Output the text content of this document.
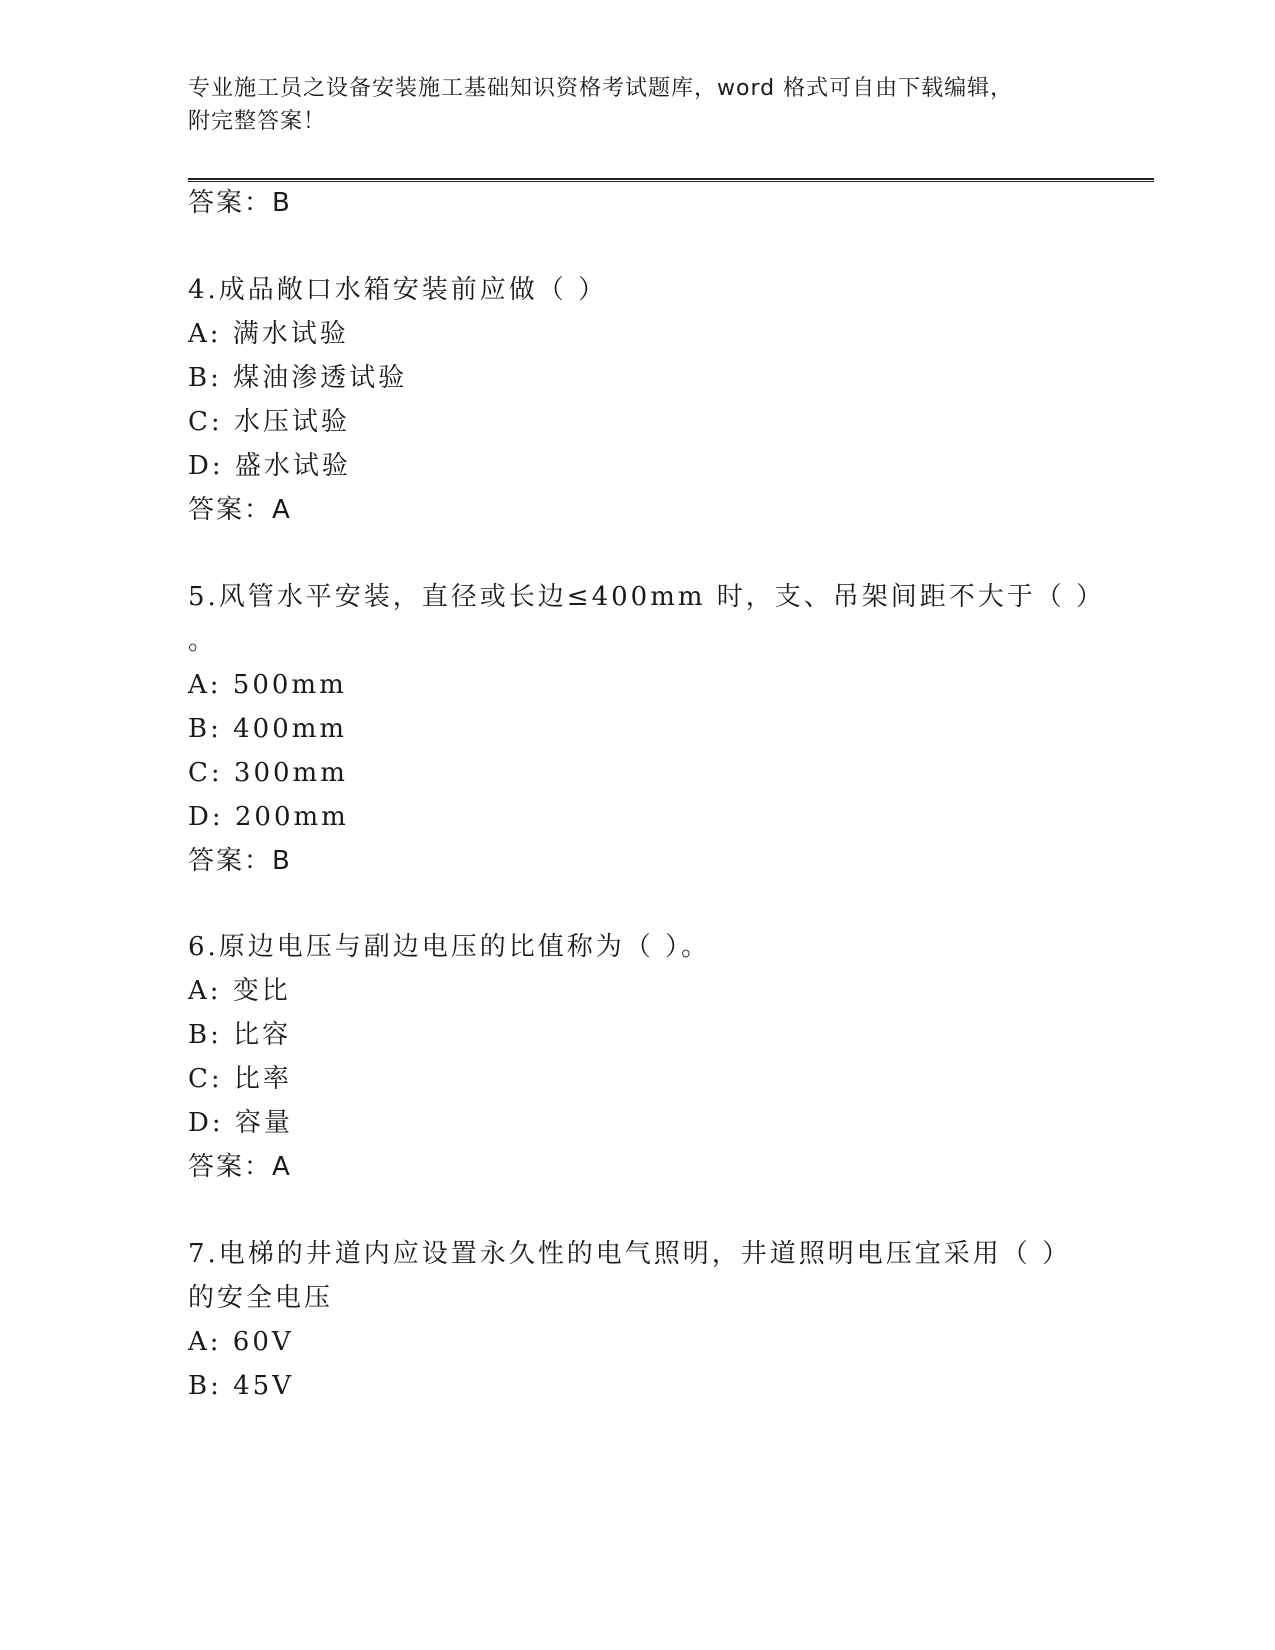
专业施工员之设备安装施工基础知识资格考试题库，word 格式可自由下载编辑，
附完整答案！
答案：B
4.成品敞口水箱安装前应做（ ）
A: 满水试验
B: 煤油渗透试验
C: 水压试验
D: 盛水试验
答案：A
5.风管水平安装，直径或长边≤400mm 时，支、吊架间距不大于（ ）
。
A: 500mm
B: 400mm
C: 300mm
D: 200mm
答案：B
6.原边电压与副边电压的比值称为（ ）。
A: 变比
B: 比容
C: 比率
D: 容量
答案：A
7.电梯的井道内应设置永久性的电气照明，井道照明电压宜采用（ ）
的安全电压
A: 60V
B: 45V
